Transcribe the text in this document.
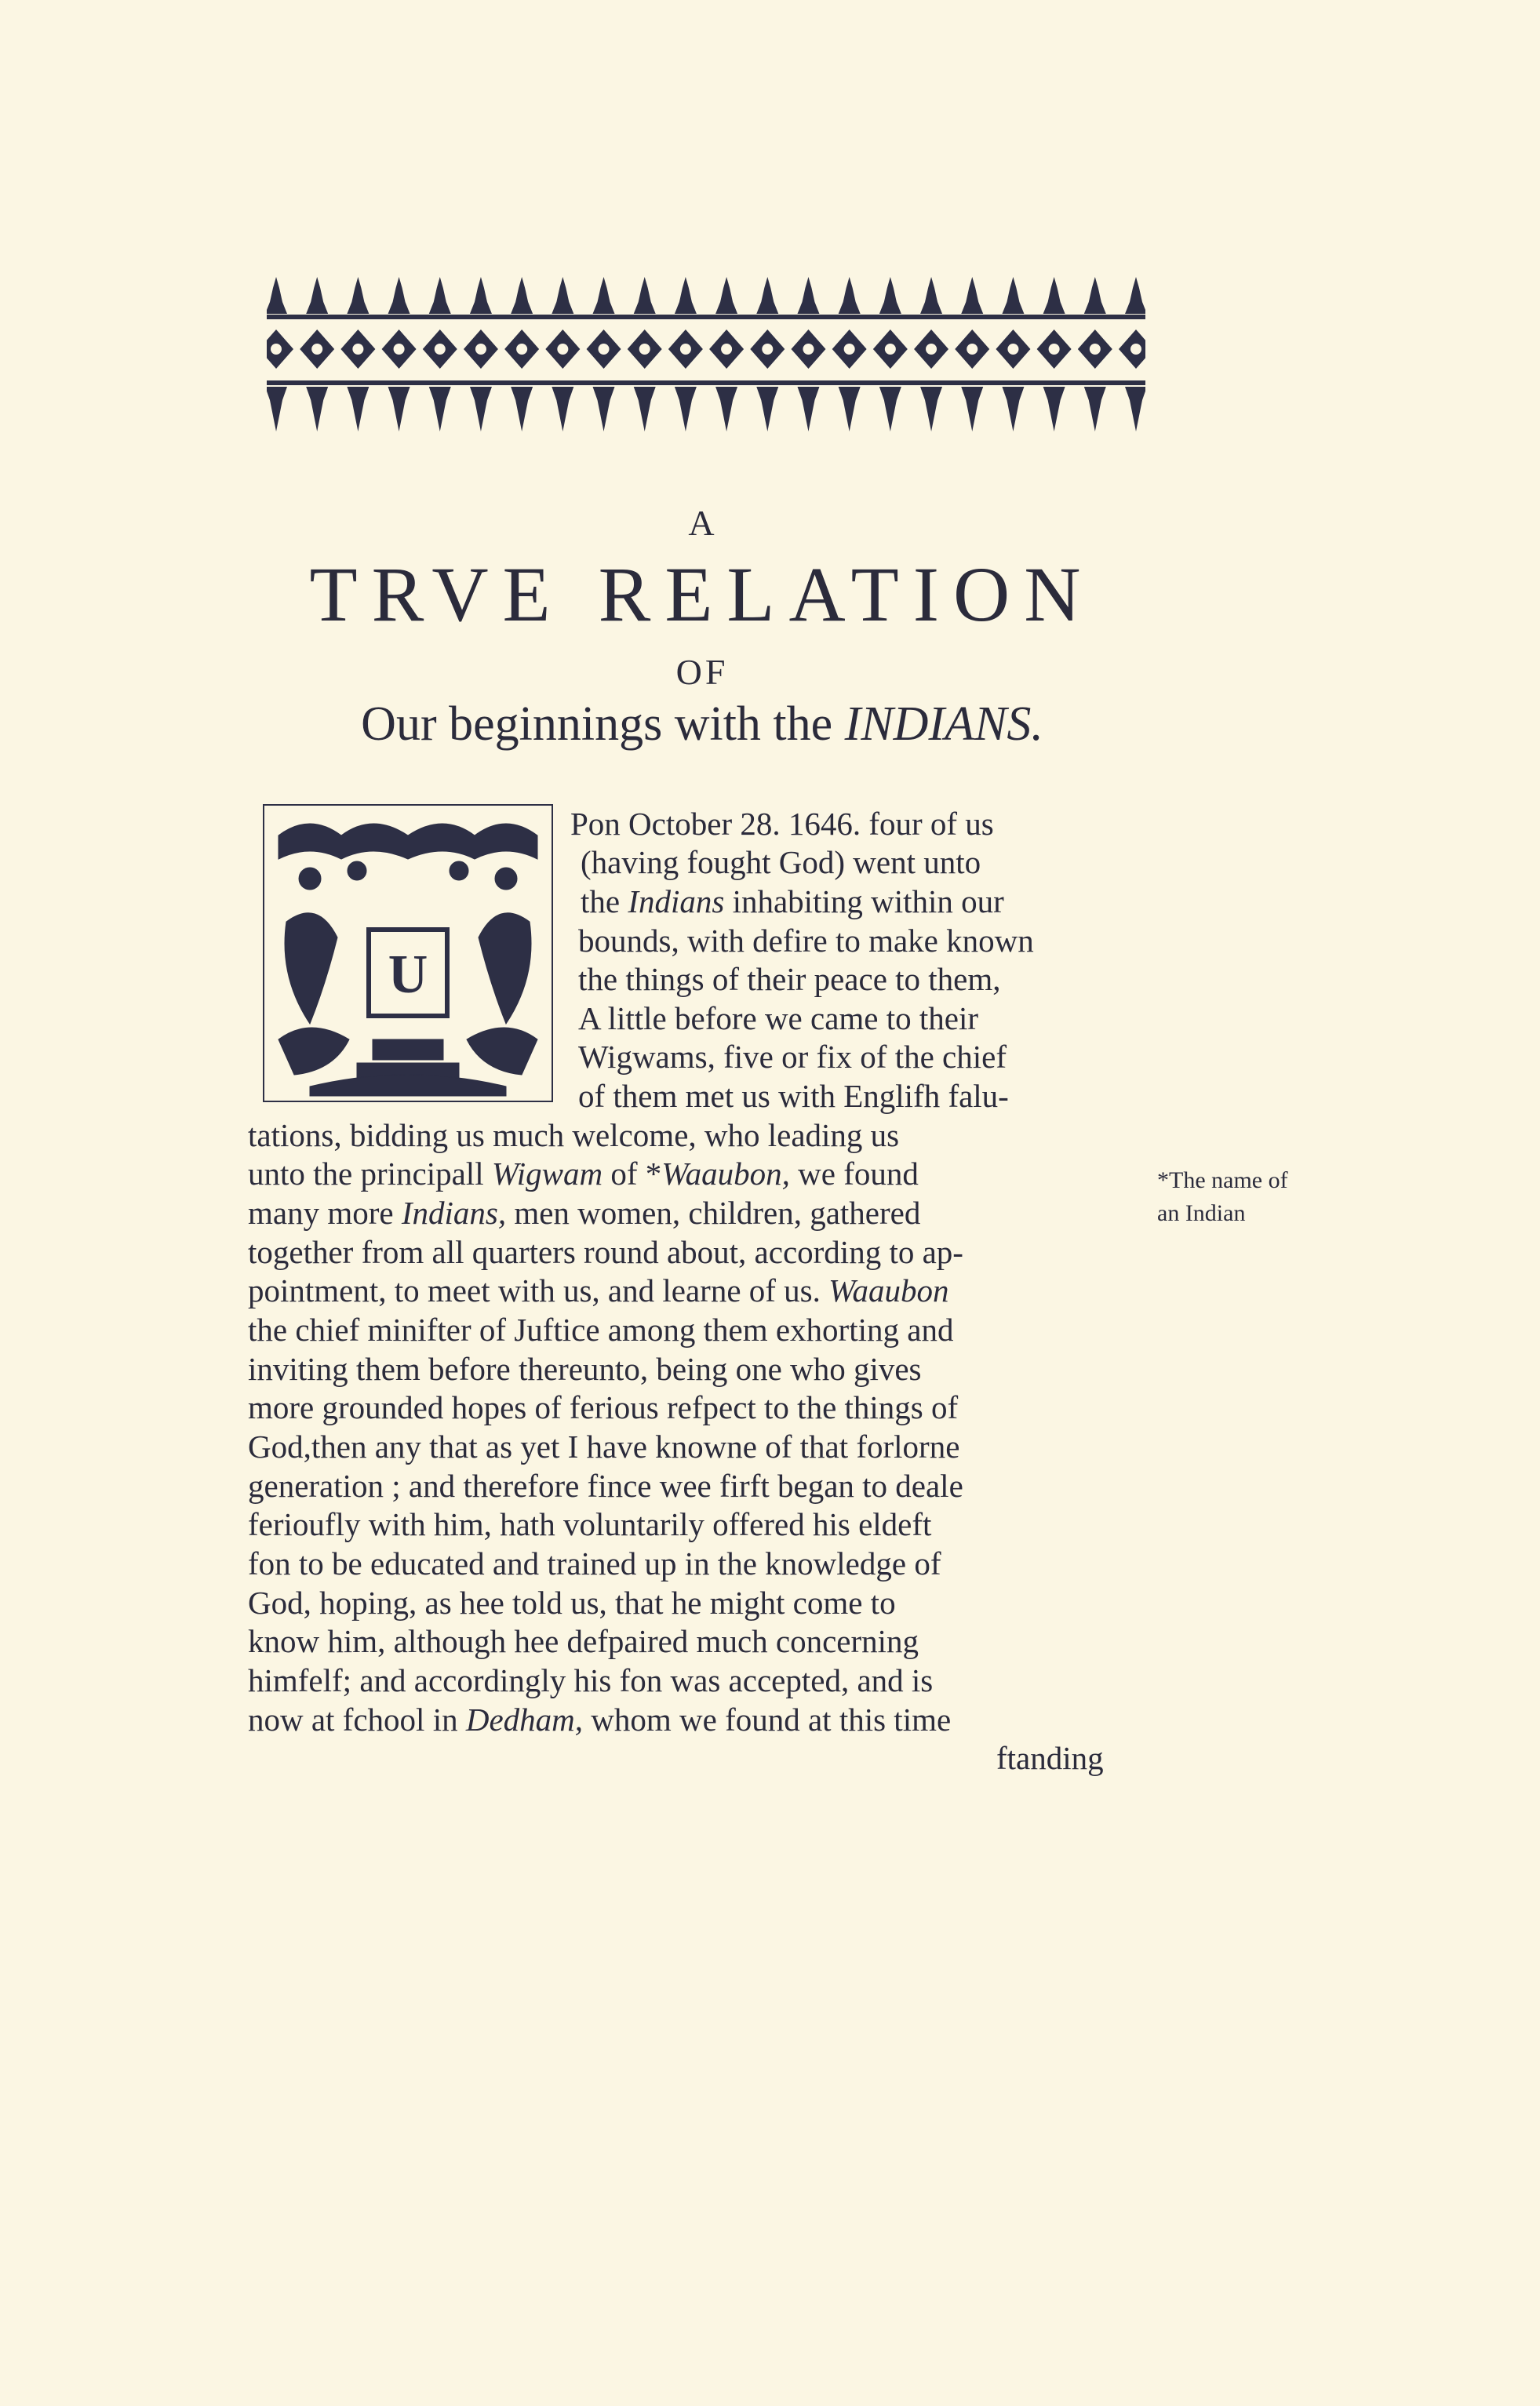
A
TRVE RELATION
OF
Our beginnings with the INDIANS.
U
Pon October 28. 1646. four of us
(having fought God) went unto
the Indians inhabiting within our
bounds, with defire to make known
the things of their peace to them,
A little before we came to their
Wigwams, five or fix of the chief
of them met us with Englifh falu-
tations, bidding us much welcome, who leading us
unto the principall Wigwam of *Waaubon, we found
many more Indians, men women, children, gathered
together from all quarters round about, according to ap-
pointment, to meet with us, and learne of us. Waaubon
the chief minifter of Juftice among them exhorting and
inviting them before thereunto, being one who gives
more grounded hopes of ferious refpect to the things of
God,then any that as yet I have knowne of that forlorne
generation ; and therefore fince wee firft began to deale
ferioufly with him, hath voluntarily offered his eldeft
fon to be educated and trained up in the knowledge of
God, hoping, as hee told us, that he might come to
know him, although hee defpaired much concerning
himfelf; and accordingly his fon was accepted, and is
now at fchool in Dedham, whom we found at this time
ftanding
*The name of
an Indian
